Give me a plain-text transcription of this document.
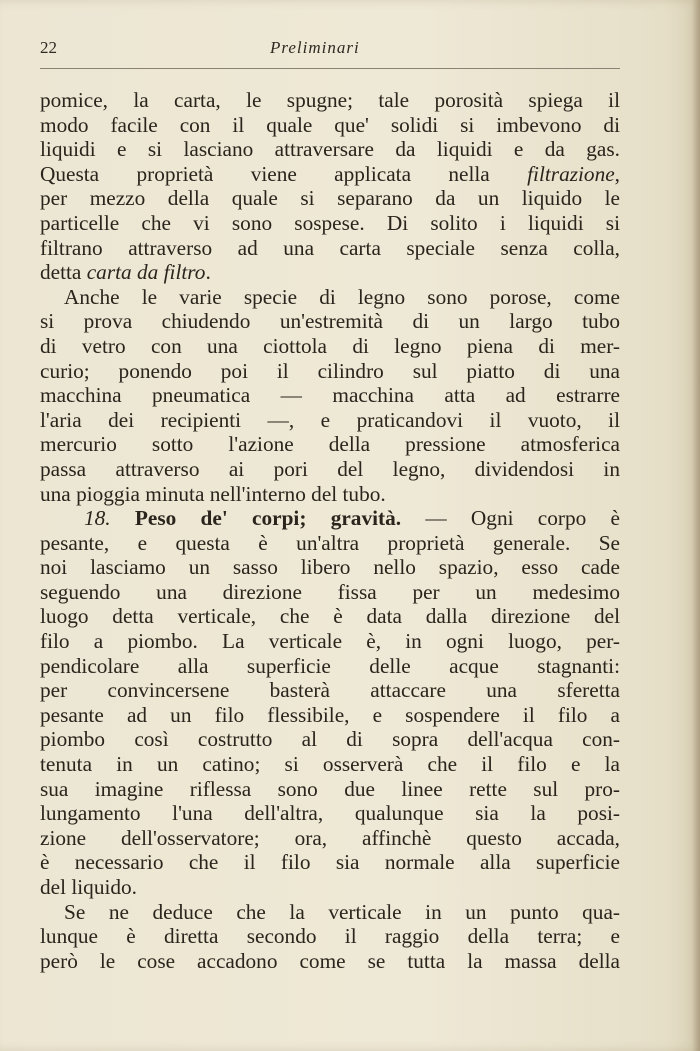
22	Preliminari
pomice, la carta, le spugne; tale porosità spiega il
modo facile con il quale que' solidi si imbevono di
liquidi e si lasciano attraversare da liquidi e da gas.
Questa proprietà viene applicata nella filtrazione,
per mezzo della quale si separano da un liquido le
particelle che vi sono sospese. Di solito i liquidi si
filtrano attraverso ad una carta speciale senza colla,
detta carta da filtro.
Anche le varie specie di legno sono porose, come
si prova chiudendo un'estremità di un largo tubo
di vetro con una ciottola di legno piena di mer-
curio; ponendo poi il cilindro sul piatto di una
macchina pneumatica — macchina atta ad estrarre
l'aria dei recipienti —, e praticandovi il vuoto, il
mercurio sotto l'azione della pressione atmosferica
passa attraverso ai pori del legno, dividendosi in
una pioggia minuta nell'interno del tubo.
18. Peso de' corpi; gravità. — Ogni corpo è
pesante, e questa è un'altra proprietà generale. Se
noi lasciamo un sasso libero nello spazio, esso cade
seguendo una direzione fissa per un medesimo
luogo detta verticale, che è data dalla direzione del
filo a piombo. La verticale è, in ogni luogo, per-
pendicolare alla superficie delle acque stagnanti:
per convincersene basterà attaccare una sferetta
pesante ad un filo flessibile, e sospendere il filo a
piombo così costrutto al di sopra dell'acqua con-
tenuta in un catino; si osserverà che il filo e la
sua imagine riflessa sono due linee rette sul pro-
lungamento l'una dell'altra, qualunque sia la posi-
zione dell'osservatore; ora, affinchè questo accada,
è necessario che il filo sia normale alla superficie
del liquido.
Se ne deduce che la verticale in un punto qua-
lunque è diretta secondo il raggio della terra; e
però le cose accadono come se tutta la massa della
